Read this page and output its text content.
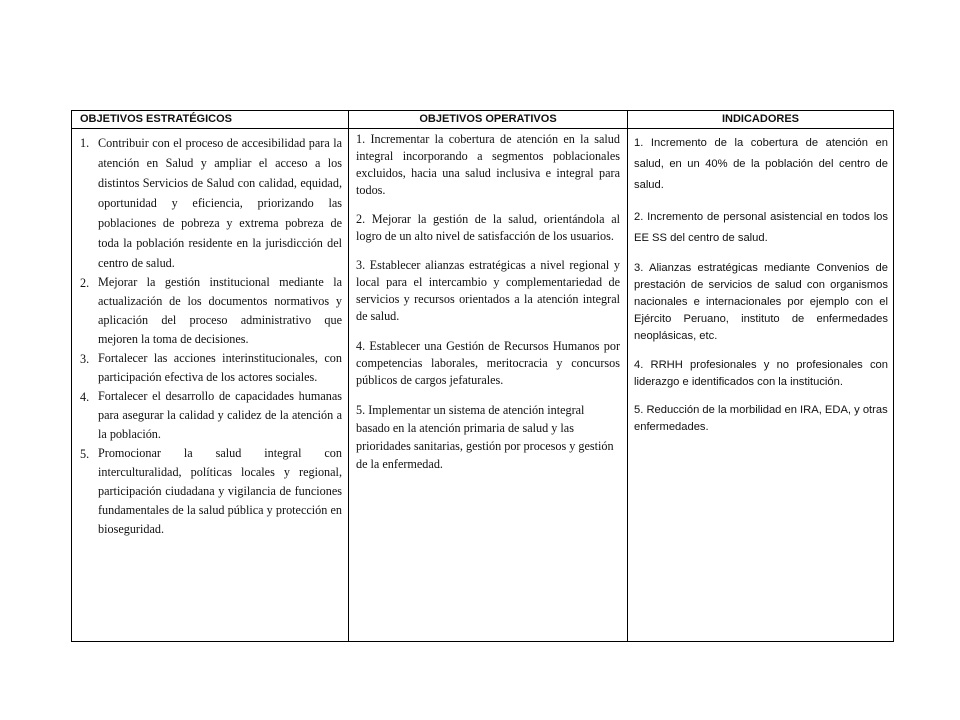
OBJETIVOS ESTRATÉGICOS	OBJETIVOS OPERATIVOS	INDICADORES
1. Contribuir con el proceso de accesibilidad para la atención en Salud y ampliar el acceso a los distintos Servicios de Salud con calidad, equidad, oportunidad y eficiencia, priorizando las poblaciones de pobreza y extrema pobreza de toda la población residente en la jurisdicción del centro de salud.
2. Mejorar la gestión institucional mediante la actualización de los documentos normativos y aplicación del proceso administrativo que mejoren la toma de decisiones.
3. Fortalecer las acciones interinstitucionales, con participación efectiva de los actores sociales.
4. Fortalecer el desarrollo de capacidades humanas para asegurar la calidad y calidez de la atención a la población.
5. Promocionar la salud integral con interculturalidad, políticas locales y regional, participación ciudadana y vigilancia de funciones fundamentales de la salud pública y protección en bioseguridad.

1. Incrementar la cobertura de atención en la salud integral incorporando a segmentos poblacionales excluidos, hacia una salud inclusiva e integral para todos.

2. Mejorar la gestión de la salud, orientándola al logro de un alto nivel de satisfacción de los usuarios.

3. Establecer alianzas estratégicas a nivel regional y local para el intercambio y complementariedad de servicios y recursos orientados a la atención integral de salud.

4. Establecer una Gestión de Recursos Humanos por competencias laborales, meritocracia y concursos públicos de cargos jefaturales.

5. Implementar un sistema de atención integral basado en la atención primaria de salud y las prioridades sanitarias, gestión por procesos y gestión de la enfermedad.

1. Incremento de la cobertura de atención en salud, en un 40% de la población del centro de salud.

2. Incremento de personal asistencial en todos los EE SS del centro de salud.

3. Alianzas estratégicas mediante Convenios de prestación de servicios de salud con organismos nacionales e internacionales por ejemplo con el Ejército Peruano, instituto de enfermedades neoplásicas, etc.

4. RRHH profesionales y no profesionales con liderazgo e identificados con la institución.

5. Reducción de la morbilidad en IRA, EDA, y otras enfermedades.
